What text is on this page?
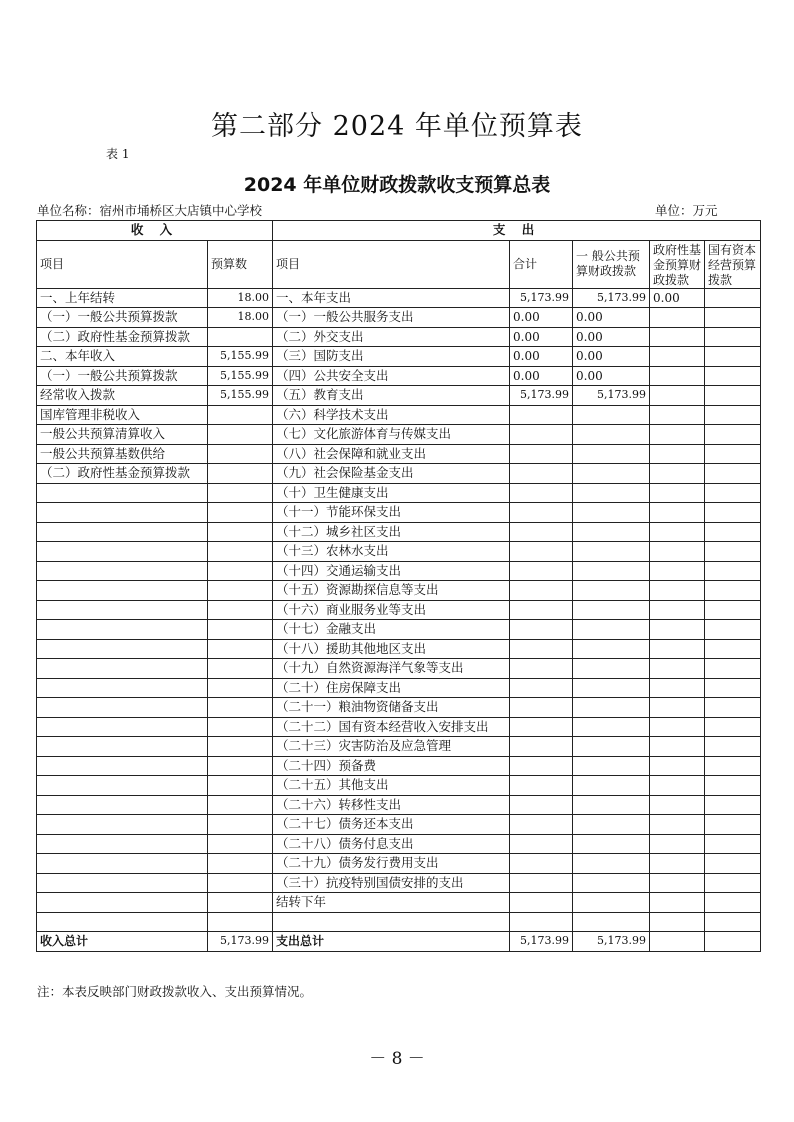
第二部分 2024 年单位预算表
表 1
2024 年单位财政拨款收支预算总表
单位名称：宿州市埇桥区大店镇中心学校	单位：万元
收 入		支 出				
项目	预算数	项目	合计	一 般公共预算财政拨款	政府性基金预算财政拨款	国有资本经营预算拨款
一、上年结转	18.00	一、本年支出	5,173.99	5,173.99	0.00	
（一）一般公共预算拨款	18.00	（一）一般公共服务支出	0.00	0.00		
（二）政府性基金预算拨款		（二）外交支出	0.00	0.00		
二、本年收入	5,155.99	（三）国防支出	0.00	0.00		
（一）一般公共预算拨款	5,155.99	（四）公共安全支出	0.00	0.00		
经常收入拨款	5,155.99	（五）教育支出	5,173.99	5,173.99		
国库管理非税收入		（六）科学技术支出				
一般公共预算清算收入		（七）文化旅游体育与传媒支出				
一般公共预算基数供给		（八）社会保障和就业支出				
（二）政府性基金预算拨款		（九）社会保险基金支出				
		（十）卫生健康支出				
		（十一）节能环保支出				
		（十二）城乡社区支出				
		（十三）农林水支出				
		（十四）交通运输支出				
		（十五）资源勘探信息等支出				
		（十六）商业服务业等支出				
		（十七）金融支出				
		（十八）援助其他地区支出				
		（十九）自然资源海洋气象等支出				
		（二十）住房保障支出				
		（二十一）粮油物资储备支出				
		（二十二）国有资本经营收入安排支出				
		（二十三）灾害防治及应急管理				
		（二十四）预备费				
		（二十五）其他支出				
		（二十六）转移性支出				
		（二十七）债务还本支出				
		（二十八）债务付息支出				
		（二十九）债务发行费用支出				
		（三十）抗疫特别国债安排的支出				
		结转下年				

收入总计	5,173.99	支出总计	5,173.99	5,173.99		
注：本表反映部门财政拨款收入、支出预算情况。
－ 8 －
